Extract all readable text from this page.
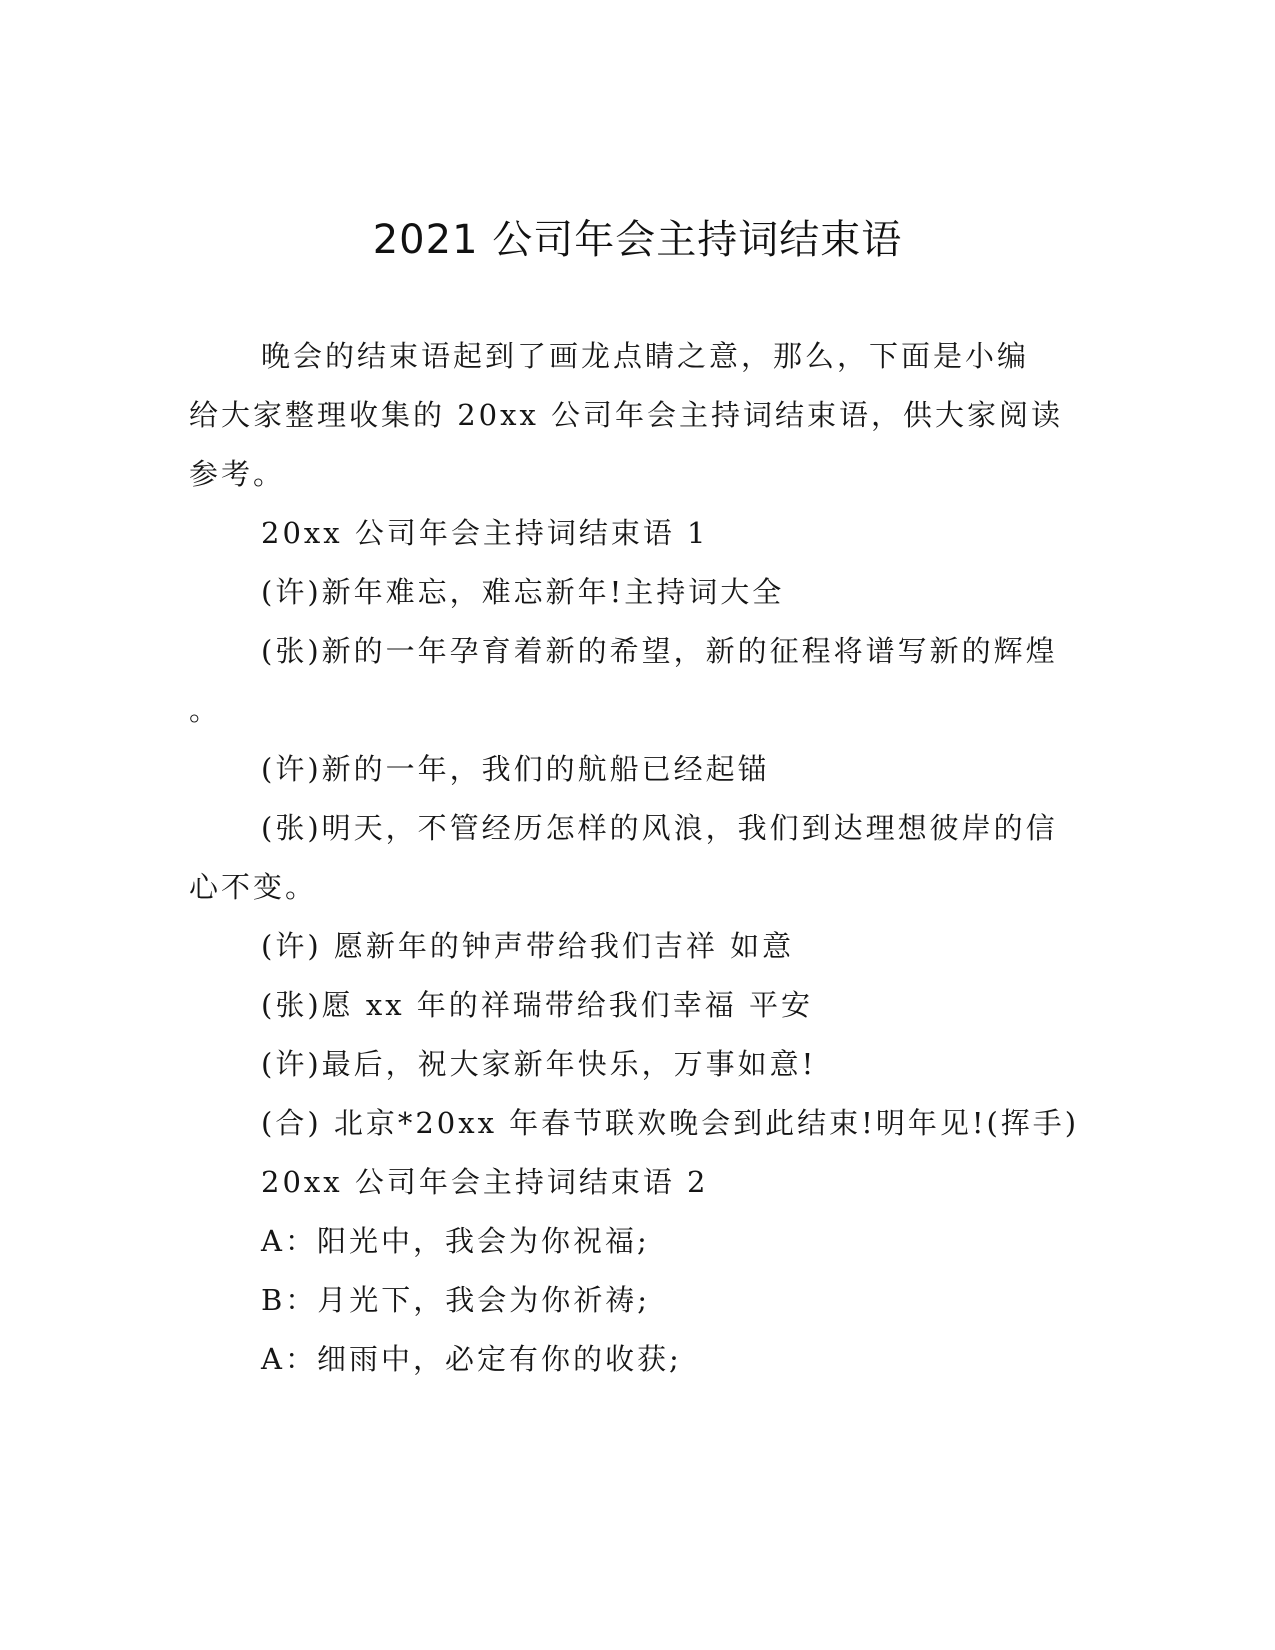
2021 公司年会主持词结束语

晚会的结束语起到了画龙点睛之意，那么，下面是小编

给大家整理收集的 20xx 公司年会主持词结束语，供大家阅读

参考。

20xx 公司年会主持词结束语 1

(许)新年难忘，难忘新年!主持词大全

(张)新的一年孕育着新的希望，新的征程将谱写新的辉煌

。

(许)新的一年，我们的航船已经起锚

(张)明天，不管经历怎样的风浪，我们到达理想彼岸的信

心不变。

(许) 愿新年的钟声带给我们吉祥 如意

(张)愿 xx 年的祥瑞带给我们幸福 平安

(许)最后，祝大家新年快乐，万事如意!

(合) 北京*20xx 年春节联欢晚会到此结束!明年见!(挥手)

20xx 公司年会主持词结束语 2

A：阳光中，我会为你祝福;

B：月光下，我会为你祈祷;

A：细雨中，必定有你的收获;
